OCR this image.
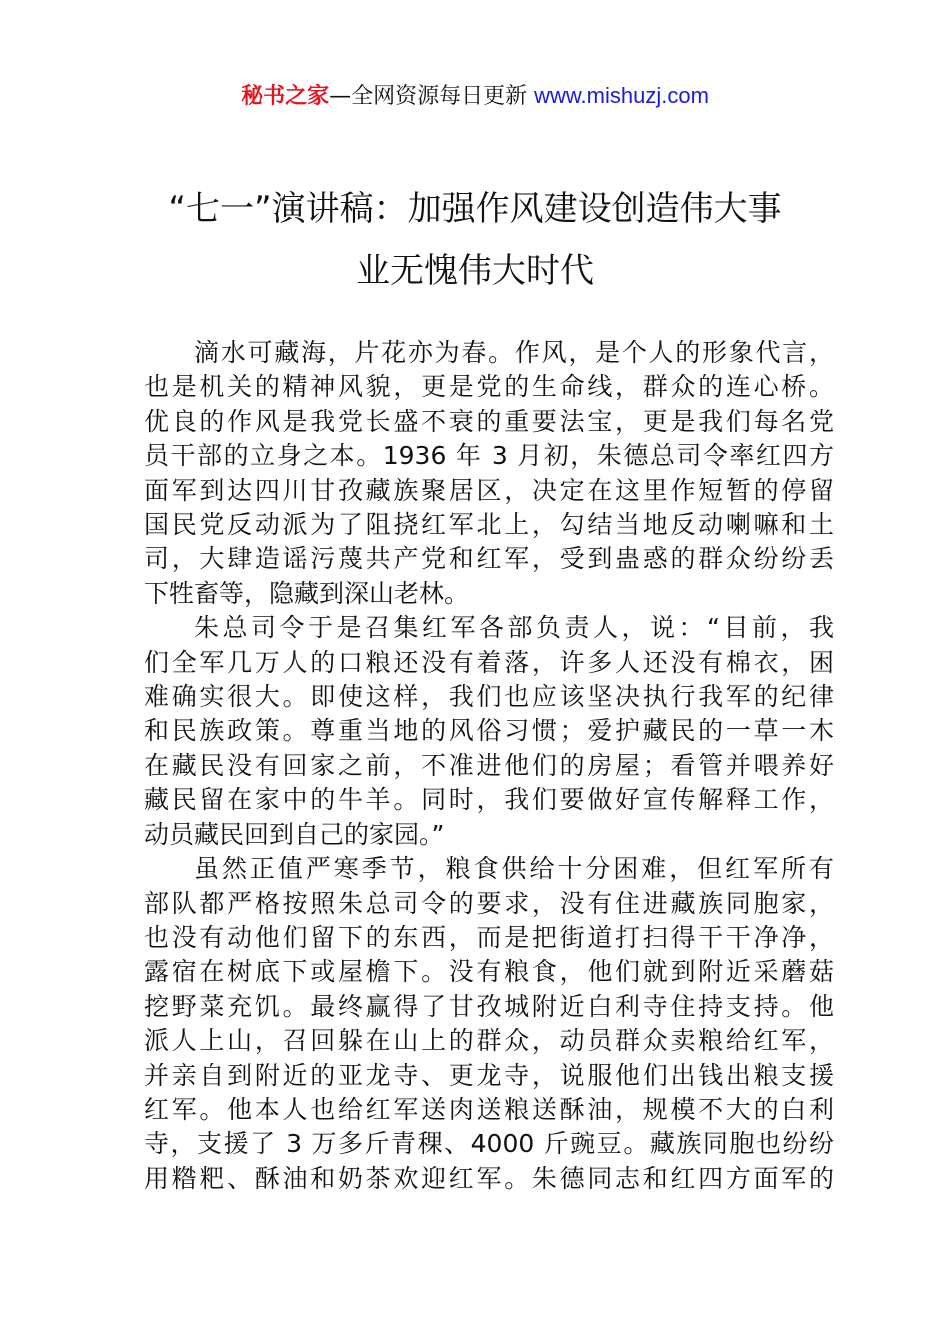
秘书之家—全网资源每日更新 www.mishuzj.com
“七一”演讲稿：加强作风建设创造伟大事
业无愧伟大时代

滴水可藏海，片花亦为春。作风，是个人的形象代言，
也是机关的精神风貌，更是党的生命线，群众的连心桥。
优良的作风是我党长盛不衰的重要法宝，更是我们每名党
员干部的立身之本。1936 年 3 月初，朱德总司令率红四方
面军到达四川甘孜藏族聚居区，决定在这里作短暂的停留
国民党反动派为了阻挠红军北上，勾结当地反动喇嘛和土
司，大肆造谣污蔑共产党和红军，受到蛊惑的群众纷纷丢
下牲畜等，隐藏到深山老林。

朱总司令于是召集红军各部负责人，说：“目前，我
们全军几万人的口粮还没有着落，许多人还没有棉衣，困
难确实很大。即使这样，我们也应该坚决执行我军的纪律
和民族政策。尊重当地的风俗习惯；爱护藏民的一草一木
在藏民没有回家之前，不准进他们的房屋；看管并喂养好
藏民留在家中的牛羊。同时，我们要做好宣传解释工作，
动员藏民回到自己的家园。”

虽然正值严寒季节，粮食供给十分困难，但红军所有
部队都严格按照朱总司令的要求，没有住进藏族同胞家，
也没有动他们留下的东西，而是把街道打扫得干干净净，
露宿在树底下或屋檐下。没有粮食，他们就到附近采蘑菇
挖野菜充饥。最终赢得了甘孜城附近白利寺住持支持。他
派人上山，召回躲在山上的群众，动员群众卖粮给红军，
并亲自到附近的亚龙寺、更龙寺，说服他们出钱出粮支援
红军。他本人也给红军送肉送粮送酥油，规模不大的白利
寺，支援了 3 万多斤青稞、4000 斤豌豆。藏族同胞也纷纷
用糌粑、酥油和奶茶欢迎红军。朱德同志和红四方面军的
